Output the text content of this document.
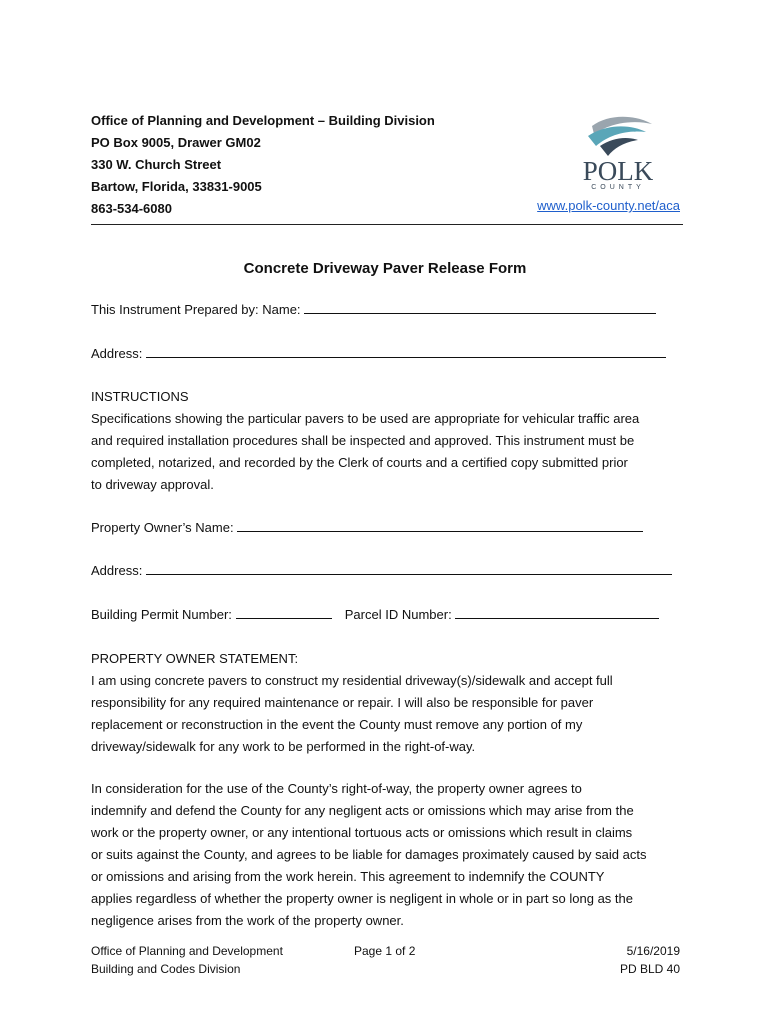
Office of Planning and Development – Building Division
PO Box 9005, Drawer GM02
330 W. Church Street
Bartow, Florida, 33831-9005
863-534-6080
POLK
COUNTY
www.polk-county.net/aca
Concrete Driveway Paver Release Form
This Instrument Prepared by: Name:
Address:

INSTRUCTIONS

Specifications showing the particular pavers to be used are appropriate for vehicular traffic area

and required installation procedures shall be inspected and approved. This instrument must be

completed, notarized, and recorded by the Clerk of courts and a certified copy submitted prior

to driveway approval.

Property Owner’s Name:
Address:
Building Permit Number:	Parcel ID Number:

PROPERTY OWNER STATEMENT:

I am using concrete pavers to construct my residential driveway(s)/sidewalk and accept full

responsibility for any required maintenance or repair. I will also be responsible for paver

replacement or reconstruction in the event the County must remove any portion of my

driveway/sidewalk for any work to be performed in the right-of-way.

In consideration for the use of the County’s right-of-way, the property owner agrees to

indemnify and defend the County for any negligent acts or omissions which may arise from the

work or the property owner, or any intentional tortuous acts or omissions which result in claims

or suits against the County, and agrees to be liable for damages proximately caused by said acts

or omissions and arising from the work herein. This agreement to indemnify the COUNTY

applies regardless of whether the property owner is negligent in whole or in part so long as the

negligence arises from the work of the property owner.

Office of Planning and Development
Building and Codes Division
Page 1 of 2	5/16/2019
PD BLD 40
